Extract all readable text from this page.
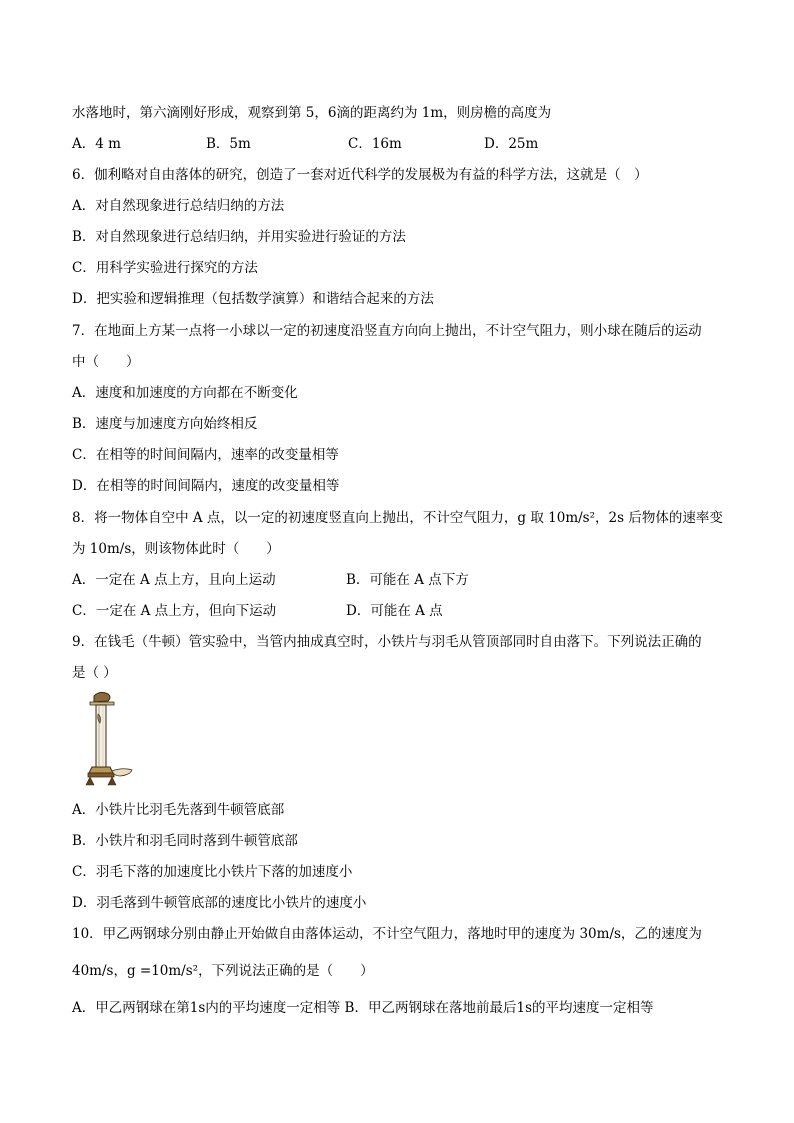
水落地时，第六滴刚好形成，观察到第 5，6滴的距离约为 1m，则房檐的高度为
A．4 m	B．5m	C．16m	D．25m
6．伽利略对自由落体的研究，创造了一套对近代科学的发展极为有益的科学方法，这就是（　）
A．对自然现象进行总结归纳的方法
B．对自然现象进行总结归纳，并用实验进行验证的方法
C．用科学实验进行探究的方法
D．把实验和逻辑推理（包括数学演算）和谐结合起来的方法
7．在地面上方某一点将一小球以一定的初速度沿竖直方向向上抛出，不计空气阻力，则小球在随后的运动
中（　　）
A．速度和加速度的方向都在不断变化
B．速度与加速度方向始终相反
C．在相等的时间间隔内，速率的改变量相等
D．在相等的时间间隔内，速度的改变量相等
8．将一物体自空中 A 点，以一定的初速度竖直向上抛出，不计空气阻力，g 取 10m/s²，2s 后物体的速率变
为 10m/s，则该物体此时（　　）
A．一定在 A 点上方，且向上运动	B．可能在 A 点下方
C．一定在 A 点上方，但向下运动	D．可能在 A 点
9．在钱毛（牛顿）管实验中，当管内抽成真空时，小铁片与羽毛从管顶部同时自由落下。下列说法正确的
是（ ）
A．小铁片比羽毛先落到牛顿管底部
B．小铁片和羽毛同时落到牛顿管底部
C．羽毛下落的加速度比小铁片下落的加速度小
D．羽毛落到牛顿管底部的速度比小铁片的速度小
10．甲乙两钢球分别由静止开始做自由落体运动，不计空气阻力，落地时甲的速度为 30m/s，乙的速度为
40m/s，g =10m/s²，下列说法正确的是（　　）
A．甲乙两钢球在第1s内的平均速度一定相等 B．甲乙两钢球在落地前最后1s的平均速度一定相等
